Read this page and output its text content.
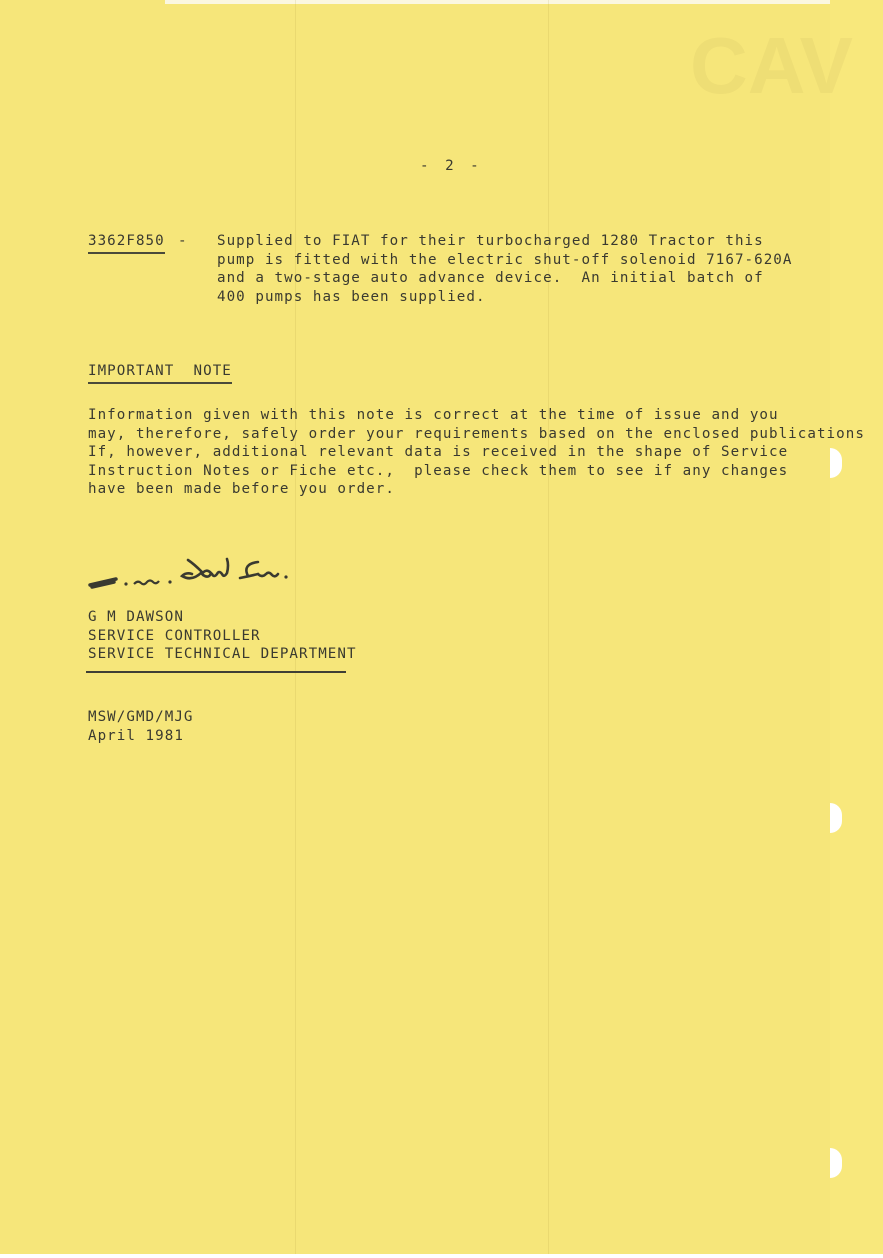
CAV
- 2 -
3362F850 - Supplied to FIAT for their turbocharged 1280 Tractor this
pump is fitted with the electric shut-off solenoid 7167-620A
and a two-stage auto advance device.  An initial batch of
400 pumps has been supplied.
IMPORTANT  NOTE
Information given with this note is correct at the time of issue and you
may, therefore, safely order your requirements based on the enclosed publications
If, however, additional relevant data is received in the shape of Service
Instruction Notes or Fiche etc.,  please check them to see if any changes
have been made before you order.
G M DAWSON
SERVICE CONTROLLER
SERVICE TECHNICAL DEPARTMENT
MSW/GMD/MJG
April 1981
